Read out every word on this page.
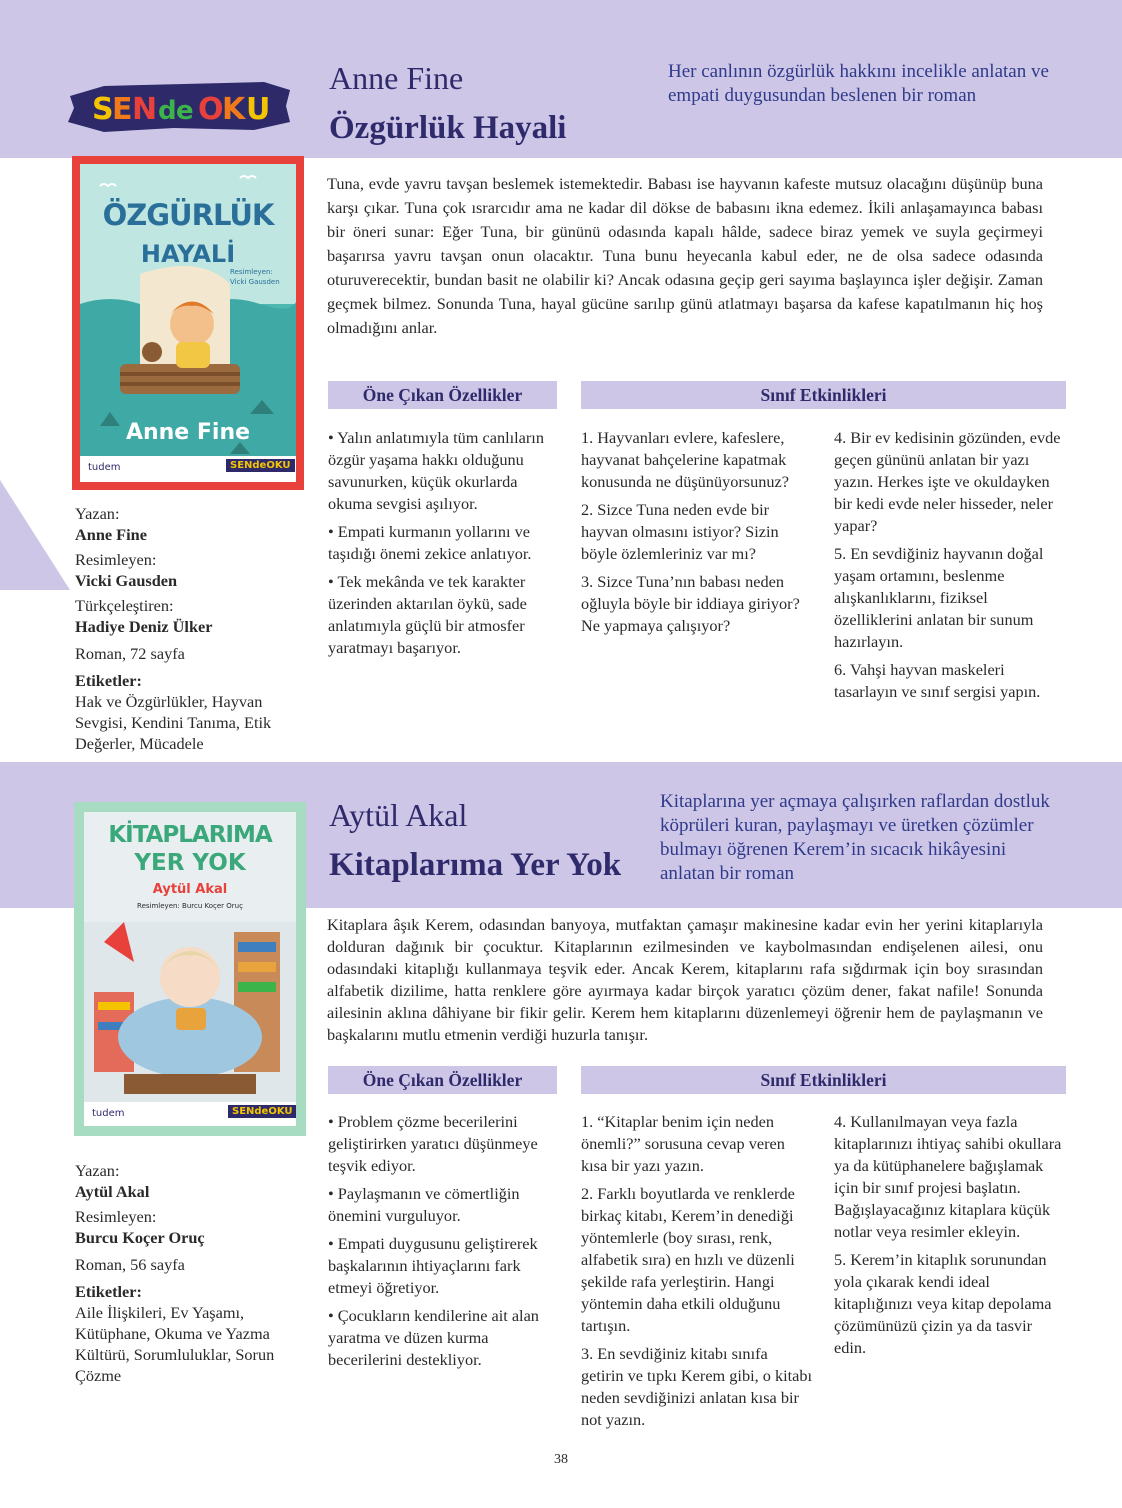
S
E N d e O
K U
Anne Fine
Özgürlük Hayali
Her canlının özgürlük hakkını incelikle anlatan ve empati duygusundan beslenen bir roman
ÖZGÜRLÜK
HAYALİ
Resimleyen:
Vicki Gausden
Anne Fine
tudem	SENdeOKU
Yazan:
Anne Fine
Resimleyen:
Vicki Gausden
Türkçeleştiren:
Hadiye Deniz Ülker
Roman, 72 sayfa
Etiketler:
Hak ve Özgürlükler, Hayvan Sevgisi, Kendini Tanıma, Etik Değerler, Mücadele
Tuna, evde yavru tavşan beslemek istemektedir. Babası ise hayvanın kafeste mutsuz olacağını düşünüp buna karşı çıkar. Tuna çok ısrarcıdır ama ne kadar dil dökse de babasını ikna edemez. İkili anlaşamayınca babası bir öneri sunar: Eğer Tuna, bir gününü odasında kapalı hâlde, sadece biraz yemek ve suyla geçirmeyi başarırsa yavru tavşan onun olacaktır. Tuna bunu heyecanla kabul eder, ne de olsa sadece odasında oturuverecektir, bundan basit ne olabilir ki? Ancak odasına geçip geri sayıma başlayınca işler değişir. Zaman geçmek bilmez. Sonunda Tuna, hayal gücüne sarılıp günü atlatmayı başarsa da kafese kapatılmanın hiç hoş olmadığını anlar.
Öne Çıkan Özellikler	Sınıf Etkinlikleri

• Yalın anlatımıyla tüm canlıların özgür yaşama hakkı olduğunu savunurken, küçük okurlarda okuma sevgisi aşılıyor.

• Empati kurmanın yollarını ve taşıdığı önemi zekice anlatıyor.

• Tek mekânda ve tek karakter üzerinden aktarılan öykü, sade anlatımıyla güçlü bir atmosfer yaratmayı başarıyor.

1. Hayvanları evlere, kafeslere, hayvanat bahçelerine kapatmak konusunda ne düşünüyorsunuz?

2. Sizce Tuna neden evde bir hayvan olmasını istiyor? Sizin böyle özlemleriniz var mı?

3. Sizce Tuna’nın babası neden oğluyla böyle bir iddiaya giriyor? Ne yapmaya çalışıyor?

4. Bir ev kedisinin gözünden, evde geçen gününü anlatan bir yazı yazın. Herkes işte ve okuldayken bir kedi evde neler hisseder, neler yapar?

5. En sevdiğiniz hayvanın doğal yaşam ortamını, beslenme alışkanlıklarını, fiziksel özelliklerini anlatan bir sunum hazırlayın.

6. Vahşi hayvan maskeleri tasarlayın ve sınıf sergisi yapın.

Aytül Akal
Kitaplarıma Yer Yok
Kitaplarına yer açmaya çalışırken raflardan dostluk köprüleri kuran, paylaşmayı ve üretken çözümler bulmayı öğrenen Kerem’in sıcacık hikâyesini anlatan bir roman
KİTAPLARIMA
YER YOK
Aytül Akal
Resimleyen: Burcu Koçer Oruç
tudem	SENdeOKU
Yazan:
Aytül Akal
Resimleyen:
Burcu Koçer Oruç
Roman, 56 sayfa
Etiketler:
Aile İlişkileri, Ev Yaşamı, Kütüphane, Okuma ve Yazma Kültürü, Sorumluluklar, Sorun Çözme
Kitaplara âşık Kerem, odasından banyoya, mutfaktan çamaşır makinesine kadar evin her yerini kitaplarıyla dolduran dağınık bir çocuktur. Kitaplarının ezilmesinden ve kaybolmasından endişelenen ailesi, onu odasındaki kitaplığı kullanmaya teşvik eder. Ancak Kerem, kitaplarını rafa sığdırmak için boy sırasından alfabetik dizilime, hatta renklere göre ayırmaya kadar birçok yaratıcı çözüm dener, fakat nafile! Sonunda ailesinin aklına dâhiyane bir fikir gelir. Kerem hem kitaplarını düzenlemeyi öğrenir hem de paylaşmanın ve başkalarını mutlu etmenin verdiği huzurla tanışır.
Öne Çıkan Özellikler	Sınıf Etkinlikleri

• Problem çözme becerilerini geliştirirken yaratıcı düşünmeye teşvik ediyor.

• Paylaşmanın ve cömertliğin önemini vurguluyor.

• Empati duygusunu geliştirerek başkalarının ihtiyaçlarını fark etmeyi öğretiyor.

• Çocukların kendilerine ait alan yaratma ve düzen kurma becerilerini destekliyor.

1. “Kitaplar benim için neden önemli?” sorusuna cevap veren kısa bir yazı yazın.

2. Farklı boyutlarda ve renklerde birkaç kitabı, Kerem’in denediği yöntemlerle (boy sırası, renk, alfabetik sıra) en hızlı ve düzenli şekilde rafa yerleştirin. Hangi yöntemin daha etkili olduğunu tartışın.

3. En sevdiğiniz kitabı sınıfa getirin ve tıpkı Kerem gibi, o kitabı neden sevdiğinizi anlatan kısa bir not yazın.

4. Kullanılmayan veya fazla kitaplarınızı ihtiyaç sahibi okullara ya da kütüphanelere bağışlamak için bir sınıf projesi başlatın. Bağışlayacağınız kitaplara küçük notlar veya resimler ekleyin.

5. Kerem’in kitaplık sorunundan yola çıkarak kendi ideal kitaplığınızı veya kitap depolama çözümünüzü çizin ya da tasvir edin.

38
